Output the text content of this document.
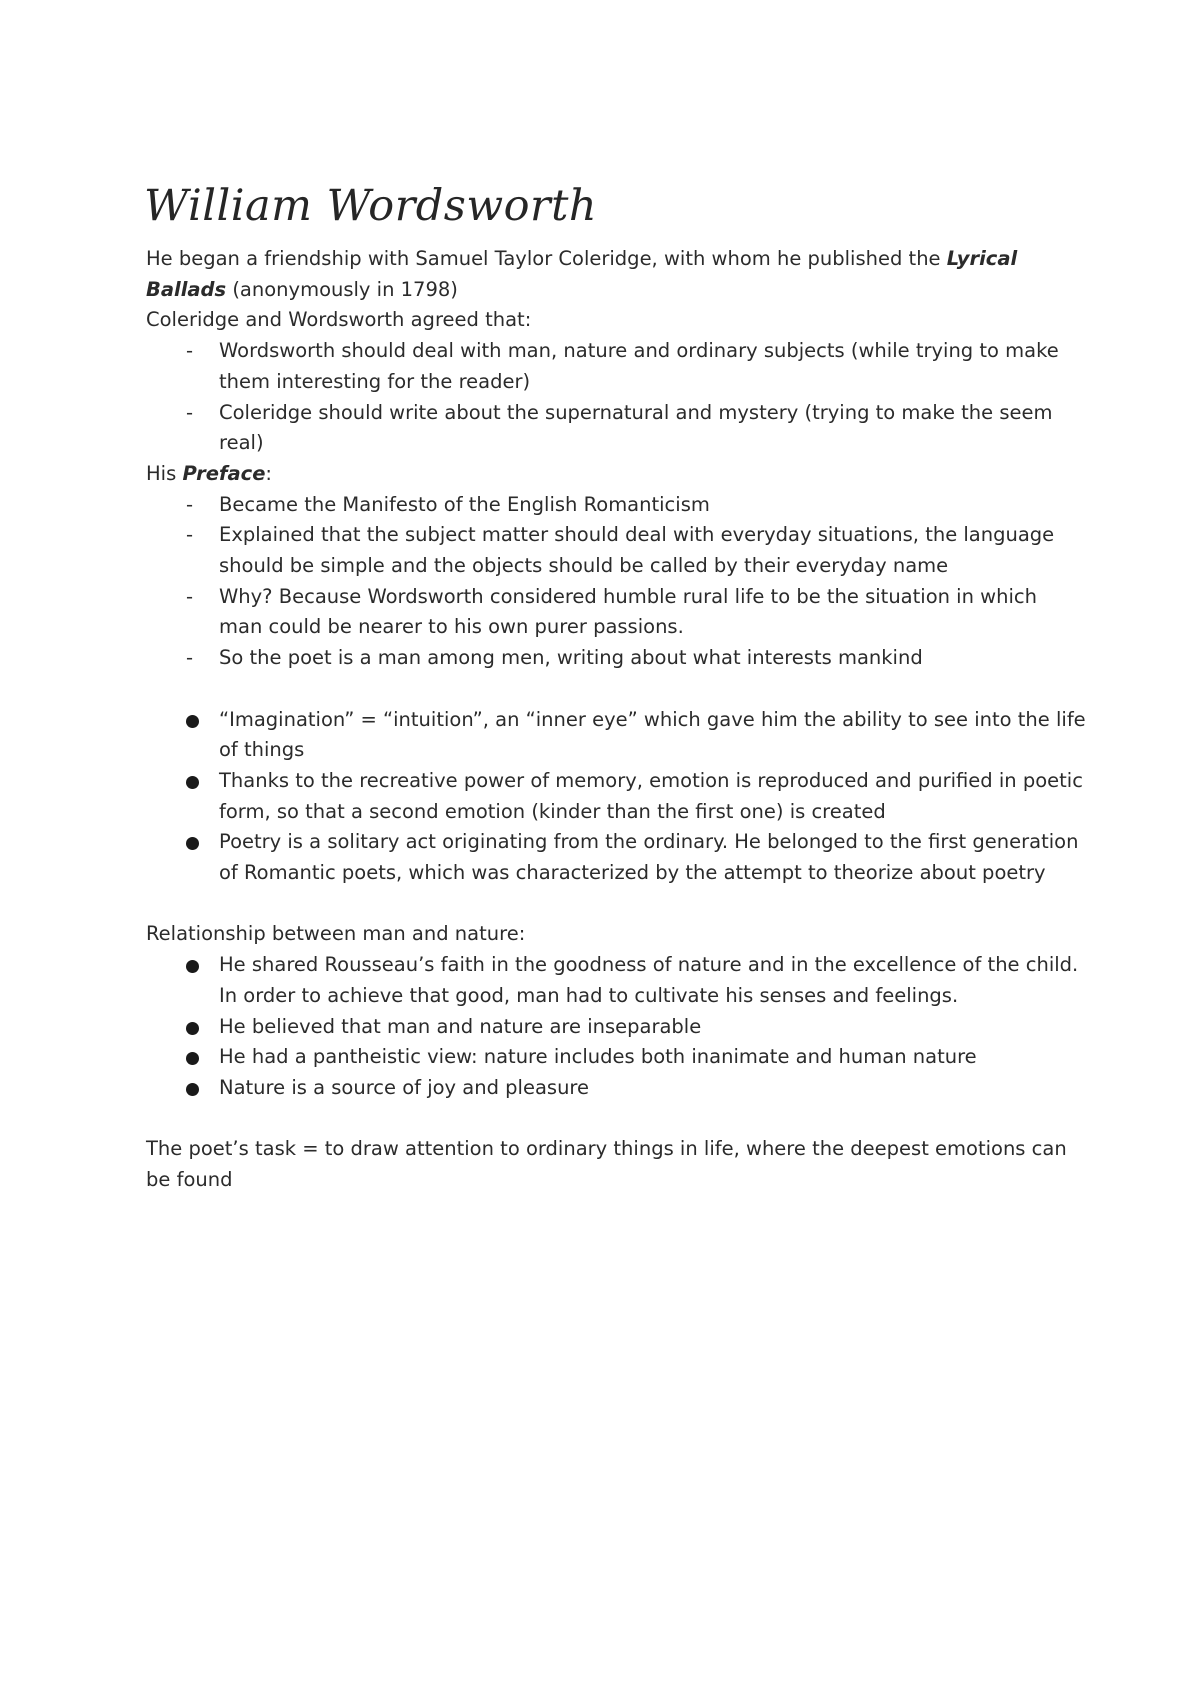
William Wordsworth

He began a friendship with Samuel Taylor Coleridge, with whom he published the Lyrical Ballads (anonymously in 1798)

Coleridge and Wordsworth agreed that:

- Wordsworth should deal with man, nature and ordinary subjects (while trying to make them interesting for the reader)
- Coleridge should write about the supernatural and mystery (trying to make the seem real)

His Preface:

- Became the Manifesto of the English Romanticism
- Explained that the subject matter should deal with everyday situations, the language should be simple and the objects should be called by their everyday name
- Why? Because Wordsworth considered humble rural life to be the situation in which man could be nearer to his own purer passions.
- So the poet is a man among men, writing about what interests mankind
“Imagination” = “intuition”, an “inner eye” which gave him the ability to see into the life of things
Thanks to the recreative power of memory, emotion is reproduced and purified in poetic form, so that a second emotion (kinder than the first one) is created
Poetry is a solitary act originating from the ordinary. He belonged to the first generation of Romantic poets, which was characterized by the attempt to theorize about poetry

Relationship between man and nature:

He shared Rousseau’s faith in the goodness of nature and in the excellence of the child. In order to achieve that good, man had to cultivate his senses and feelings.
He believed that man and nature are inseparable
He had a pantheistic view: nature includes both inanimate and human nature
Nature is a source of joy and pleasure

The poet’s task = to draw attention to ordinary things in life, where the deepest emotions can be found
